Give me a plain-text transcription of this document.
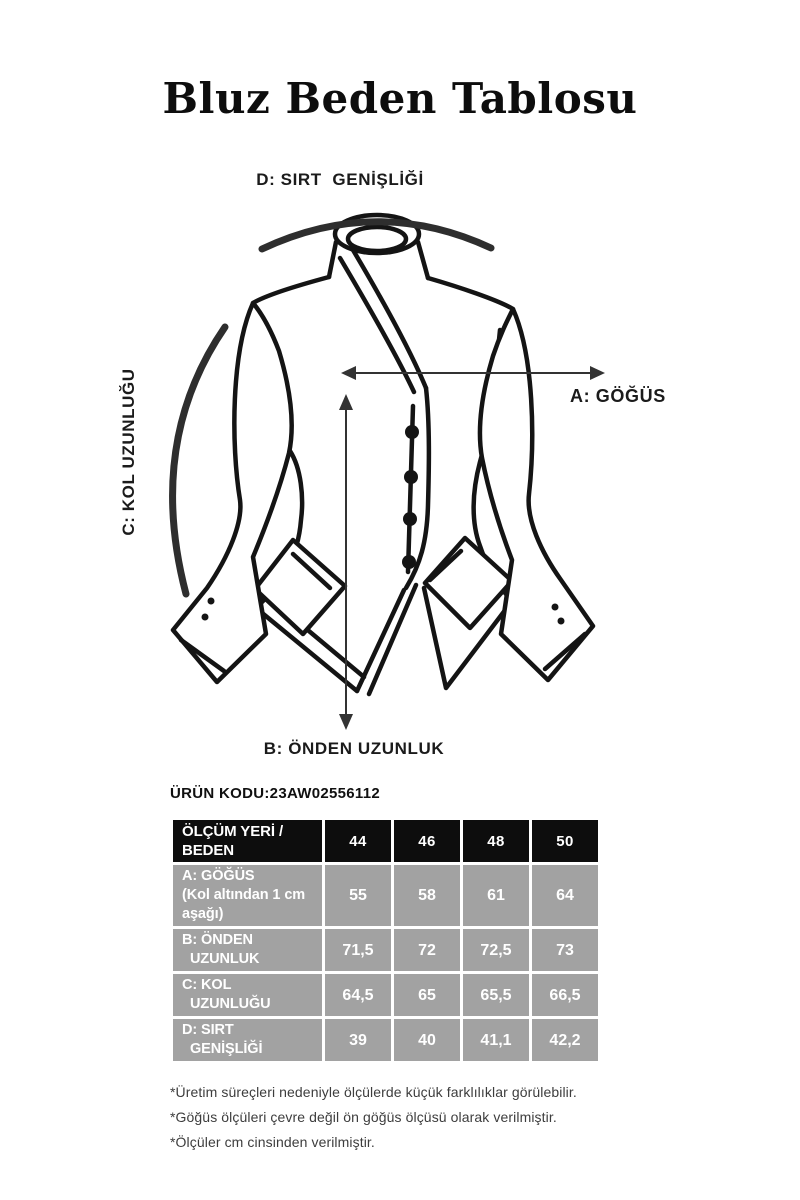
Bluz Beden Tablosu
D: SIRT  GENİŞLİĞİ
A: GÖĞÜS
B: ÖNDEN UZUNLUK
C: KOL UZUNLUĞU
ÜRÜN KODU:23AW02556112
ÖLÇÜM YERİ /
BEDEN	44	46	48	50

A: GÖĞÜS
(Kol altından 1 cm
aşağı)	55	58	61	64

B: ÖNDEN
UZUNLUK	71,5	72	72,5	73

C: KOL
UZUNLUĞU	64,5	65	65,5	66,5

D: SIRT
GENİŞLİĞİ	39	40	41,1	42,2

*Üretim süreçleri nedeniyle ölçülerde küçük farklılıklar görülebilir.

*Göğüs ölçüleri çevre değil ön göğüs ölçüsü olarak verilmiştir.

*Ölçüler cm cinsinden verilmiştir.
